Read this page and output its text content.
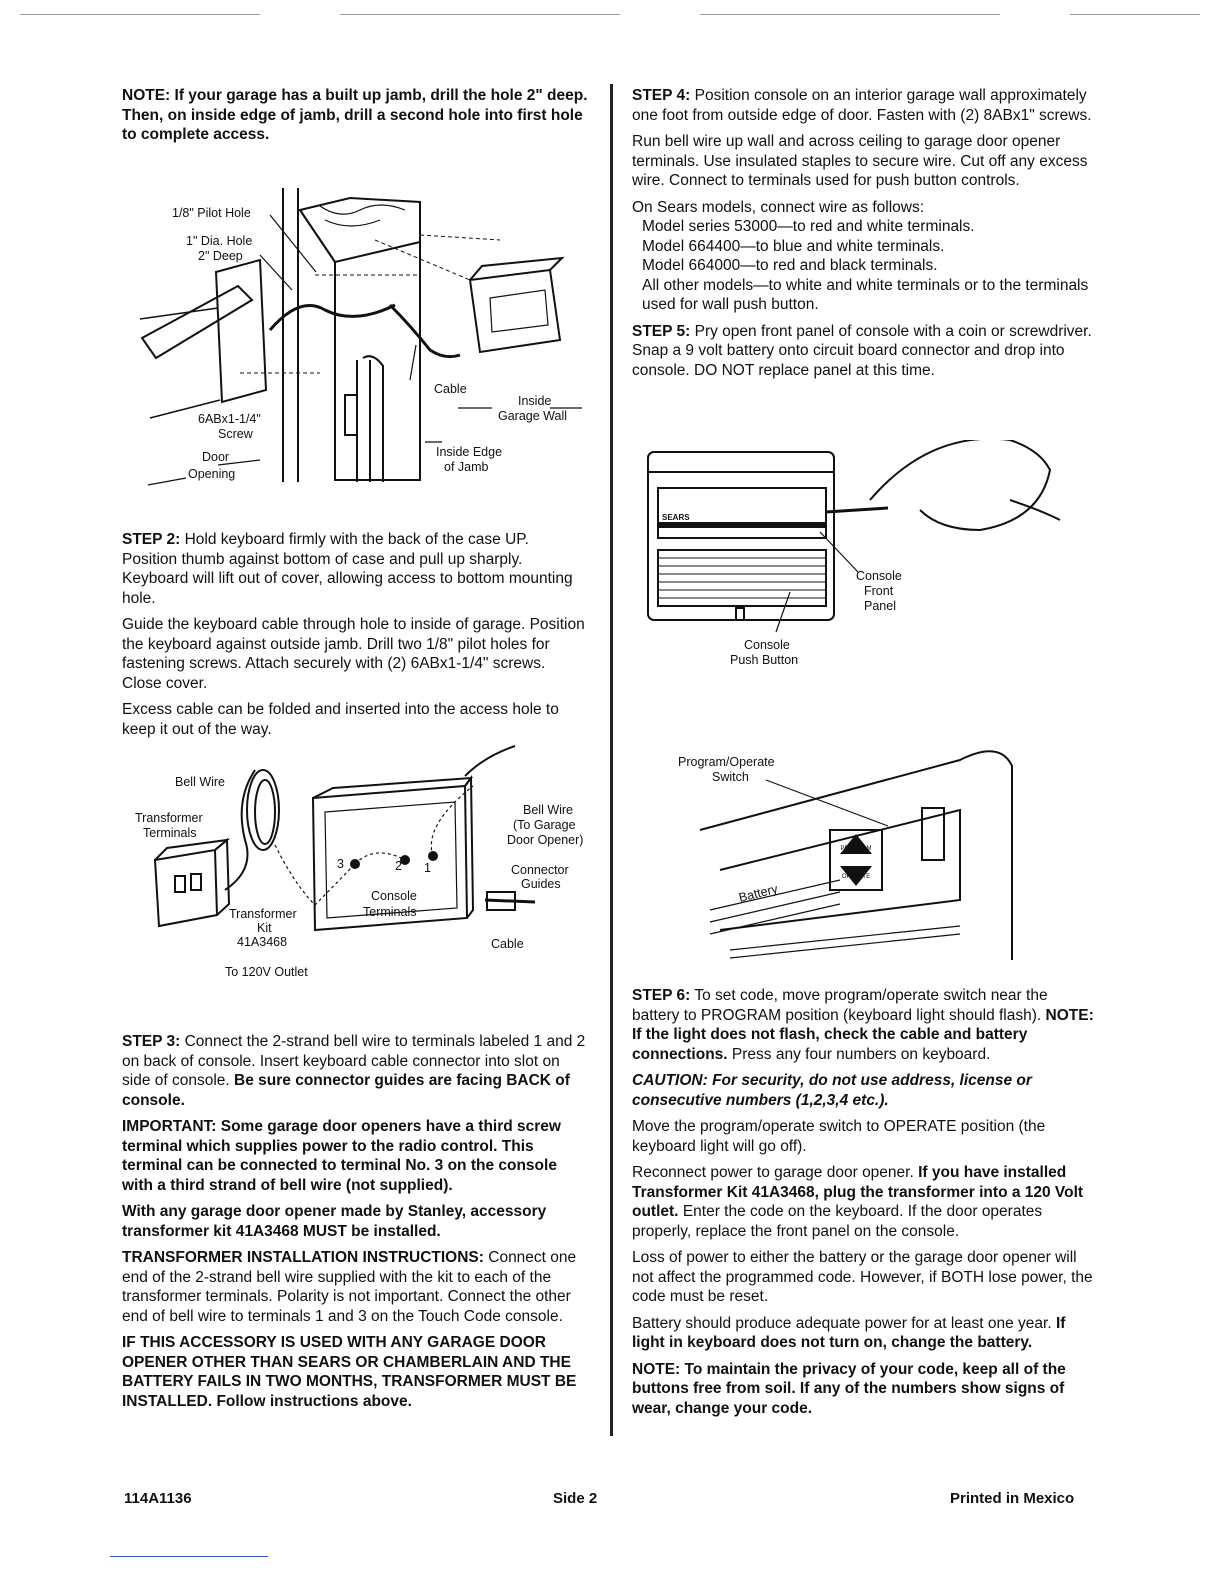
NOTE: If your garage has a built up jamb, drill the hole 2" deep. Then, on inside edge of jamb, drill a second hole into first hole to complete access.

STEP 2: Hold keyboard firmly with the back of the case UP. Position thumb against bottom of case and pull up sharply. Keyboard will lift out of cover, allowing access to bottom mounting hole.

Guide the keyboard cable through hole to inside of garage. Position the keyboard against outside jamb. Drill two 1/8" pilot holes for fastening screws. Attach securely with (2) 6ABx1-1/4" screws. Close cover.

Excess cable can be folded and inserted into the access hole to keep it out of the way.

STEP 3: Connect the 2-strand bell wire to terminals labeled 1 and 2 on back of console. Insert keyboard cable connector into slot on side of console. Be sure connector guides are facing BACK of console.

IMPORTANT: Some garage door openers have a third screw terminal which supplies power to the radio control. This terminal can be connected to terminal No. 3 on the console with a third strand of bell wire (not supplied).

With any garage door opener made by Stanley, accessory transformer kit 41A3468 MUST be installed.

TRANSFORMER INSTALLATION INSTRUCTIONS: Connect one end of the 2-strand bell wire supplied with the kit to each of the transformer terminals. Polarity is not important. Connect the other end of bell wire to terminals 1 and 3 on the Touch Code console.

IF THIS ACCESSORY IS USED WITH ANY GARAGE DOOR OPENER OTHER THAN SEARS OR CHAMBERLAIN AND THE BATTERY FAILS IN TWO MONTHS, TRANSFORMER MUST BE INSTALLED. Follow instructions above.

STEP 4: Position console on an interior garage wall approximately one foot from outside edge of door. Fasten with (2) 8ABx1" screws.

Run bell wire up wall and across ceiling to garage door opener terminals. Use insulated staples to secure wire. Cut off any excess wire. Connect to terminals used for push button controls.

On Sears models, connect wire as follows:

Model series 53000—to red and white terminals.

Model 664400—to blue and white terminals.

Model 664000—to red and black terminals.

All other models—to white and white terminals or to the terminals used for wall push button.

STEP 5: Pry open front panel of console with a coin or screwdriver. Snap a 9 volt battery onto circuit board connector and drop into console. DO NOT replace panel at this time.

STEP 6: To set code, move program/operate switch near the battery to PROGRAM position (keyboard light should flash). NOTE: If the light does not flash, check the cable and battery connections. Press any four numbers on keyboard.

CAUTION: For security, do not use address, license or consecutive numbers (1,2,3,4 etc.).

Move the program/operate switch to OPERATE position (the keyboard light will go off).

Reconnect power to garage door opener. If you have installed Transformer Kit 41A3468, plug the transformer into a 120 Volt outlet. Enter the code on the keyboard. If the door operates properly, replace the front panel on the console.

Loss of power to either the battery or the garage door opener will not affect the programmed code. However, if BOTH lose power, the code must be reset.

Battery should produce adequate power for at least one year. If light in keyboard does not turn on, change the battery.

NOTE: To maintain the privacy of your code, keep all of the buttons free from soil. If any of the numbers show signs of wear, change your code.

1/8" Pilot Hole
1" Dia. Hole
2" Deep
6ABx1-1/4"
Screw
Door
Opening
Cable
Inside
Garage Wall
Inside Edge
of Jamb
Bell Wire
Transformer
Terminals
Transformer
Kit
41A3468
To 120V Outlet
3	2 1
Console
Terminals
Bell Wire
(To Garage
Door Opener)
Connector
Guides
Cable
SEARS
Console
Front
Panel
Console
Push Button
PROGRAM
OPERATE
Program/Operate
Switch
Battery
114A1136	Side 2	Printed in Mexico
